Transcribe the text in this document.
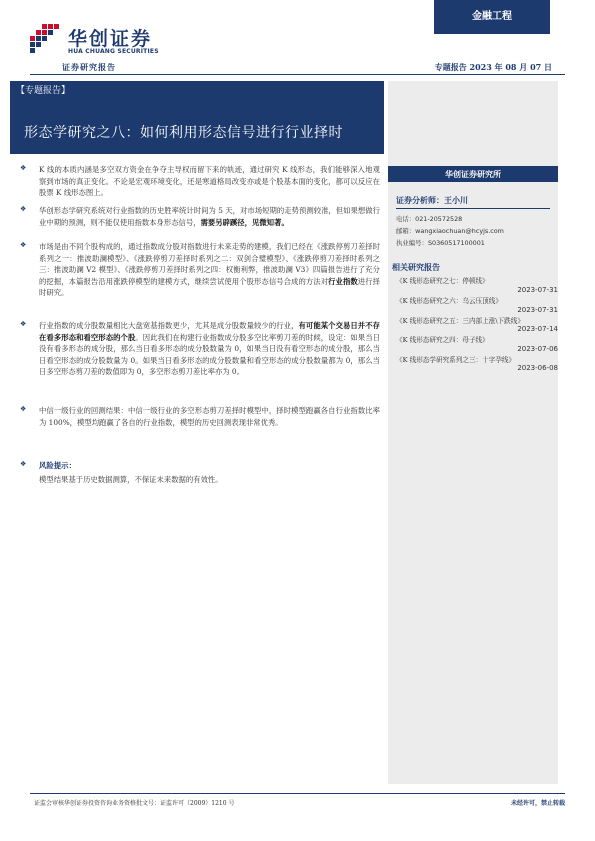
华创证券
HUA CHUANG SECURITIES
金融工程
证券研究报告	专题报告 2023 年 08 月 07 日
【专题报告】
形态学研究之八：如何利用形态信号进行行业择时
❖ K 线的本质内涵是多空双方资金在争夺主导权而留下来的轨迹，通过研究 K 线形态，我们能够深入地观察到市场的真正变化。不论是宏观环境变化，还是寒道格局改变亦或是个股基本面的变化，都可以反应在股票 K 线形态图上。
❖ 华创形态学研究系统对行业指数的历史胜率统计时间为 5 天，对市场短期的走势预测较准，但如果想做行业中期的预测，则不能仅使用指数本身形态信号，需要另辟蹊径，见微知著。
❖ 市场是由不同个股构成的，通过指数成分股对指数进行未来走势的建模，我们已经在《涨跌停剪刀差择时系列之一：推波助澜模型》、《涨跌停剪刀差择时系列之二：双剑合璧模型》、《涨跌停剪刀差择时系列之三：推波助澜 V2 模型》、《涨跌停剪刀差择时系列之四：权衡利弊，推波助澜 V3》四篇报告进行了充分的挖掘，本篇报告沿用涨跌停模型的建模方式，继续尝试使用个股形态信号合成的方法对行业指数进行择时研究。
❖ 行业指数的成分股数量相比大盘宽基指数更少，尤其是成分股数量较少的行业，有可能某个交易日并不存在看多形态和看空形态的个股。因此我们在构建行业指数成分股多空比率剪刀差的时候，设定：如果当日没有看多形态的成分股，那么当日看多形态的成分股数量为 0，如果当日没有看空形态的成分股，那么当日看空形态的成分股数量为 0。如果当日看多形态的成分股数量和看空形态的成分股数量都为 0，那么当日多空形态剪刀差的数值即为 0，多空形态剪刀差比率亦为 0。
❖ 中信一级行业的回测结果：中信一级行业的多空形态剪刀差择时模型中，择时模型跑赢各自行业指数比率为 100%，模型均跑赢了各自的行业指数，模型的历史回测表现非常优秀。
❖ 风险提示：
模型结果基于历史数据测算，不保证未来数据的有效性。
华创证券研究所
证券分析师：王小川
电话：021-20572528
邮箱：wangxiaochuan@hcyjs.com
执业编号：S0360517100001
相关研究报告
《K 线形态研究之七：停顿线》
2023-07-31
《K 线形态研究之六：乌云压顶线》
2023-07-31
《K 线形态研究之五：三内部上涨\下跌线》
2023-07-14
《K 线形态研究之四：母子线》
2023-07-06
《K 线形态学研究系列之三：十字孕线》
2023-06-08
证监会审核华创证券投资咨询业务资格批文号：证监许可（2009）1210 号	未经许可，禁止转载
